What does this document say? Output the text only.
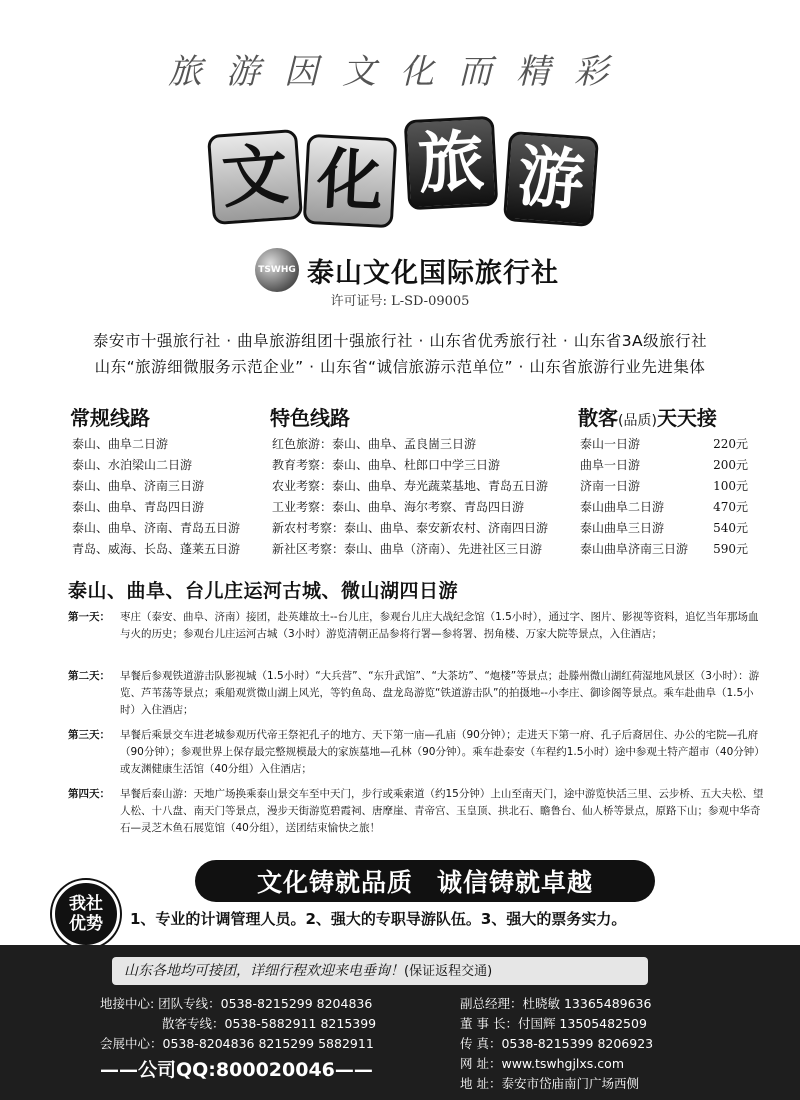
旅游因文化而精彩
文 化 旅 游
TSWHG 泰山文化国际旅行社
许可证号: L-SD-09005
泰安市十强旅行社 · 曲阜旅游组团十强旅行社 · 山东省优秀旅行社 · 山东省3A级旅行社
山东“旅游细微服务示范企业” · 山东省“诚信旅游示范单位” · 山东省旅游行业先进集体
常规线路	特色线路	散客(品质)天天接
泰山、曲阜二日游
泰山、水泊梁山二日游
泰山、曲阜、济南三日游
泰山、曲阜、青岛四日游
泰山、曲阜、济南、青岛五日游
青岛、威海、长岛、蓬莱五日游
红色旅游：泰山、曲阜、孟良崮三日游
教育考察：泰山、曲阜、杜郎口中学三日游
农业考察：泰山、曲阜、寿光蔬菜基地、青岛五日游
工业考察：泰山、曲阜、海尔考察、青岛四日游
新农村考察：泰山、曲阜、泰安新农村、济南四日游
新社区考察：泰山、曲阜（济南）、先进社区三日游
泰山一日游	220元
曲阜一日游	200元
济南一日游	100元
泰山曲阜二日游	470元
泰山曲阜三日游	540元
泰山曲阜济南三日游 590元
泰山、曲阜、台儿庄运河古城、微山湖四日游
第一天： 枣庄（泰安、曲阜、济南）接团，赴英雄故土--台儿庄，参观台儿庄大战纪念馆（1.5小时），通过字、图片、影视等资料，追忆当年那场血与火的历史；参观台儿庄运河古城（3小时）游览清朝正品参将行署—参将署、拐角楼、万家大院等景点，入住酒店；
第二天： 早餐后参观铁道游击队影视城（1.5小时）“大兵营”、“东升武馆”、“大茶坊”、“炮楼”等景点；赴滕州微山湖红荷湿地风景区（3小时）：游览、芦苇荡等景点；乘船观赏微山湖上风光，等钓鱼岛、盘龙岛游览“铁道游击队”的拍摄地--小李庄、御诊阁等景点。乘车赴曲阜（1.5小时）入住酒店；
第三天： 早餐后乘景交车进老城参观历代帝王祭祀孔子的地方、天下第一庙—孔庙（90分钟）；走进天下第一府、孔子后裔居住、办公的宅院—孔府（90分钟）；参观世界上保存最完整规模最大的家族墓地—孔林（90分钟）。乘车赴泰安（车程约1.5小时）途中参观土特产超市（40分钟）或友渊健康生活馆（40分组）入住酒店；
第四天： 早餐后泰山游：天地广场换乘泰山景交车至中天门，步行或乘索道（约15分钟）上山至南天门，途中游览快活三里、云步桥、五大夫松、望人松、十八盘、南天门等景点，漫步天街游览碧霞祠、唐摩崖、青帝宫、玉皇顶、拱北石、瞻鲁台、仙人桥等景点，原路下山；参观中华奇石—灵芝木鱼石展览馆（40分组），送团结束愉快之旅！
文化铸就品质 诚信铸就卓越
我社
优势 1、专业的计调管理人员。2、强大的专职导游队伍。3、强大的票务实力。
山东各地均可接团，详细行程欢迎来电垂询！(保证返程交通)
地接中心: 团队专线：0538-8215299 8204836
散客专线：0538-5882911 8215399
会展中心：0538-8204836 8215299 5882911
副总经理：杜晓敏 13365489636
董 事 长：付国辉 13505482509
传 真：0538-8215399 8206923
网 址：www.tswhgjlxs.com
地 址：泰安市岱庙南门广场西侧
——公司QQ:800020046——
